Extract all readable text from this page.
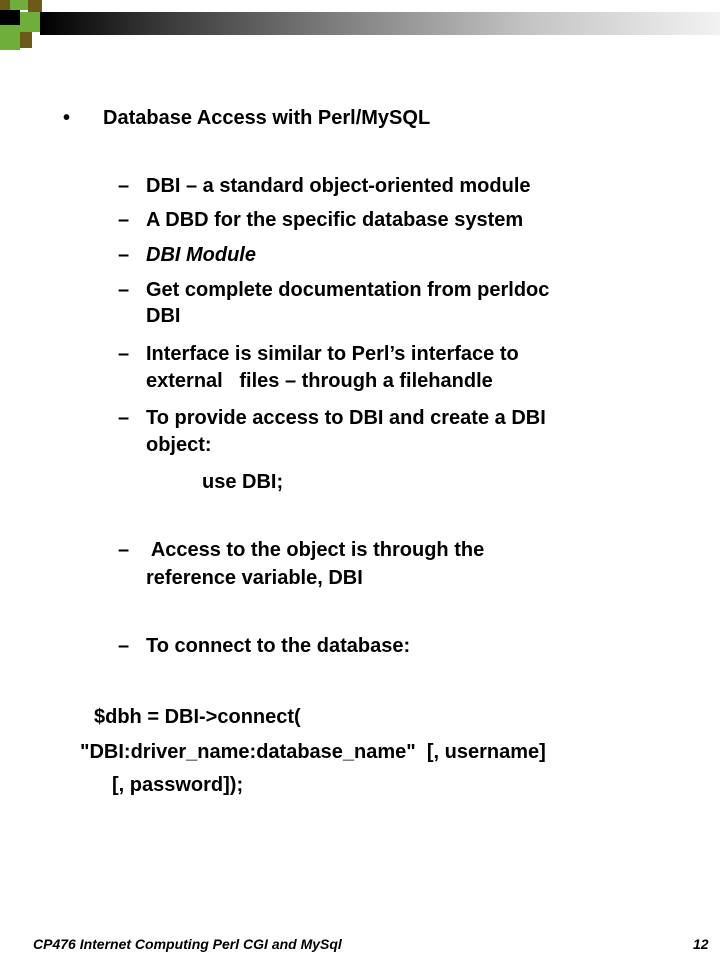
• Database Access with Perl/MySQL
– DBI – a standard object-oriented module
– A DBD for the specific database system
– DBI Module
– Get complete documentation from perldoc
DBI
– Interface is similar to Perl’s interface to
external   files – through a filehandle
– To provide access to DBI and create a DBI
object:
use DBI;
– Access to the object is through the
reference variable, DBI
– To connect to the database:
$dbh = DBI->connect(
"DBI:driver_name:database_name"  [, username]
[, password]);
CP476 Internet Computing Perl CGI and MySql	12
